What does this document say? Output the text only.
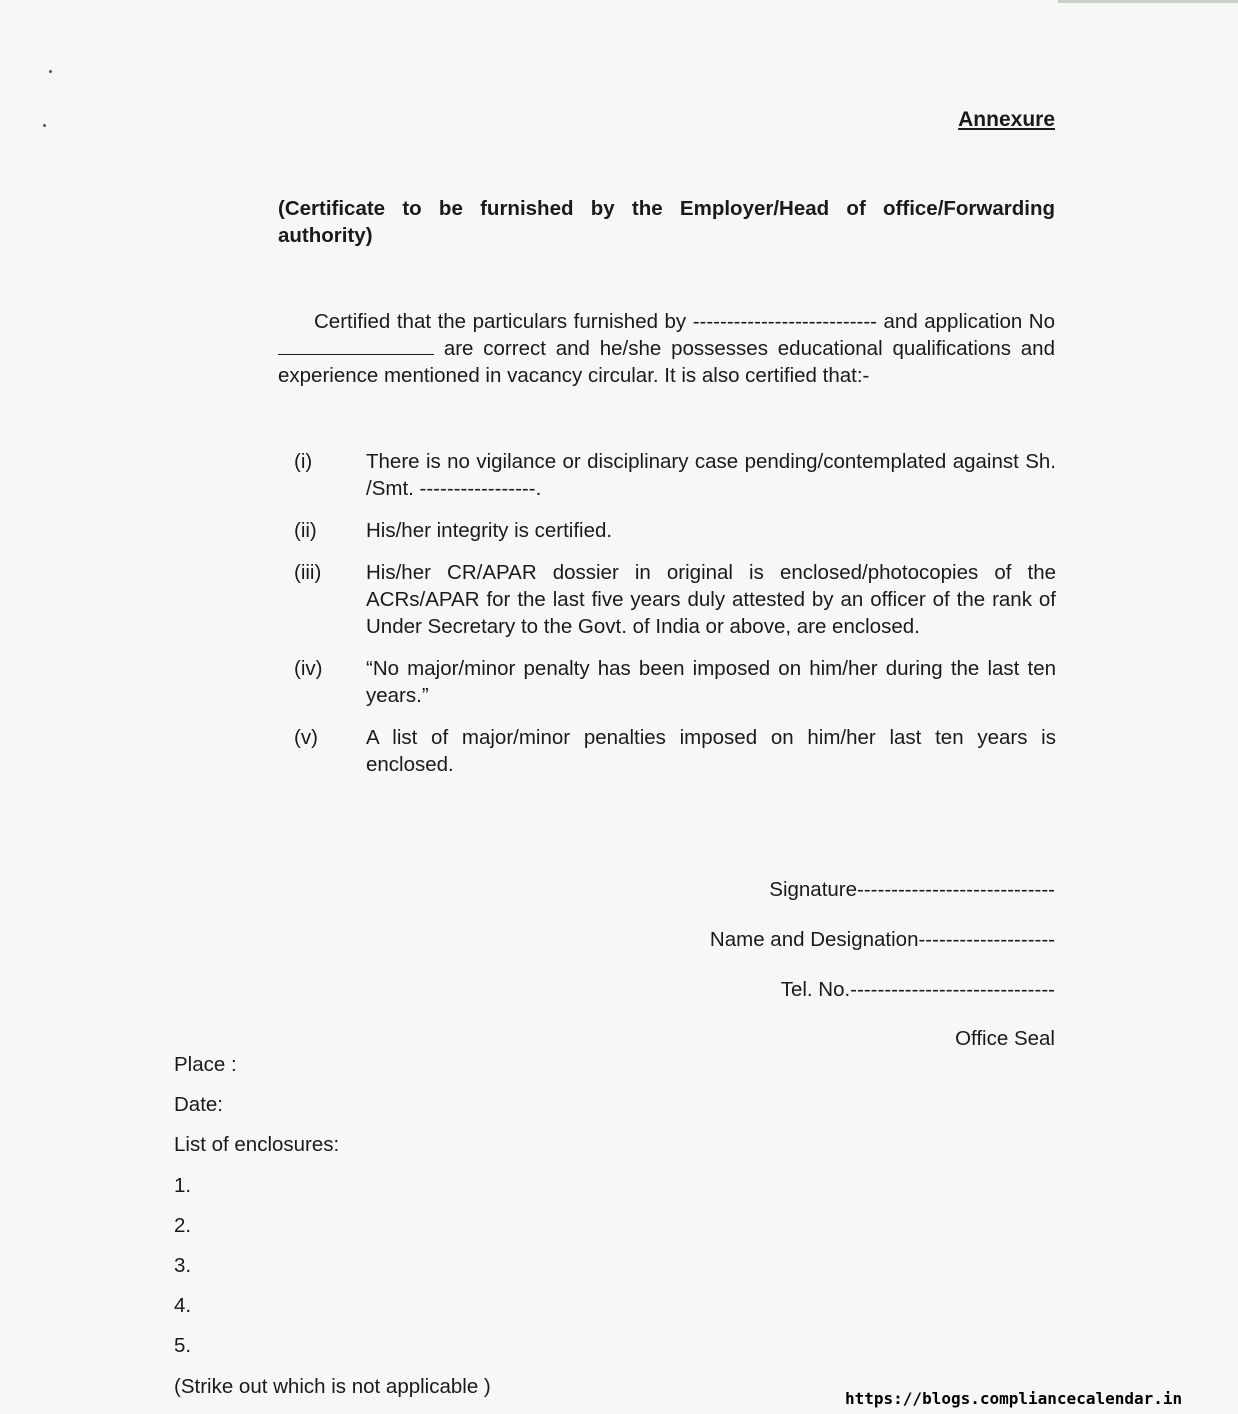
Annexure
(Certificate to be furnished by the Employer/Head of office/Forwarding authority)
Certified that the particulars furnished by --------------------------- and application No are correct and he/she possesses educational qualifications and experience mentioned in vacancy circular. It is also certified that:-
(i)	There is no vigilance or disciplinary case pending/contemplated against Sh. /Smt. -----------------.
(ii)	His/her integrity is certified.
(iii)	His/her CR/APAR dossier in original is enclosed/photocopies of the ACRs/APAR for the last five years duly attested by an officer of the rank of Under Secretary to the Govt. of India or above, are enclosed.
(iv)	“No major/minor penalty has been imposed on him/her during the last ten years.”
(v)	A list of major/minor penalties imposed on him/her last ten years is enclosed.
Signature-----------------------------
Name and Designation--------------------
Tel. No.------------------------------
Office Seal
Place :
Date:
List of enclosures:
1.
2.
3.
4.
5.
(Strike out which is not applicable )
https://blogs.compliancecalendar.in
